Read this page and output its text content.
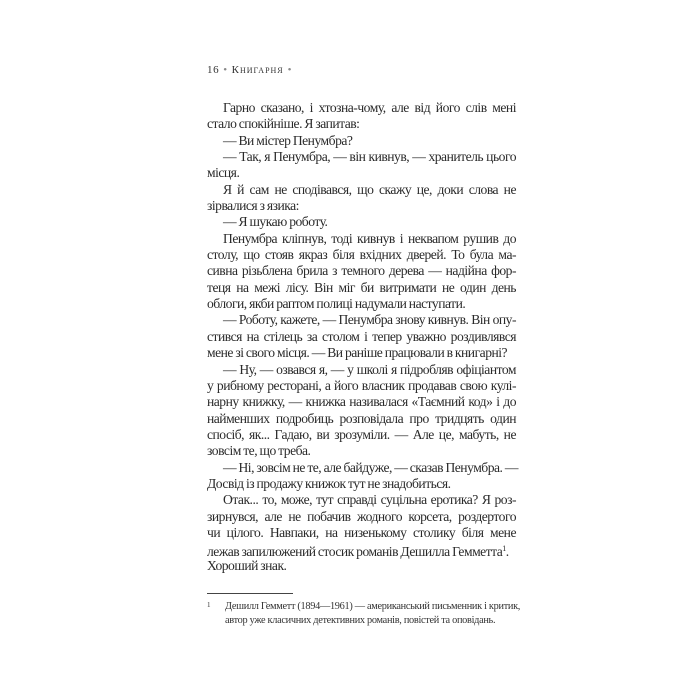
16 • Книгарня •
Гарно сказано, і хтозна-чому, але від його слів мені
стало спокійніше. Я запитав:
— Ви містер Пенумбра?
— Так, я Пенумбра, — він кивнув, — хранитель цього
місця.
Я й сам не сподівався, що скажу це, доки слова не
зірвалися з язика:
— Я шукаю роботу.
Пенумбра кліпнув, тоді кивнув і неквапом рушив до
столу, що стояв якраз біля вхідних дверей. То була ма-
сивна різьблена брила з темного дерева — надійна фор-
теця на межі лісу. Він міг би витримати не один день
облоги, якби раптом полиці надумали наступати.
— Роботу, кажете, — Пенумбра знову кивнув. Він опу-
стився на стілець за столом і тепер уважно роздивлявся
мене зі свого місця. — Ви раніше працювали в книгарні?
— Ну, — озвався я, — у школі я підробляв офіціантом
у рибному ресторані, а його власник продавав свою кулі-
нарну книжку, — книжка називалася «Таємний код» і до
найменших подробиць розповідала про тридцять один
спосіб, як... Гадаю, ви зрозуміли. — Але це, мабуть, не
зовсім те, що треба.
— Ні, зовсім не те, але байдуже, — сказав Пенумбра. —
Досвід із продажу книжок тут не знадобиться.
Отак... то, може, тут справді суцільна еротика? Я роз-
зирнувся, але не побачив жодного корсета, роздертого
чи цілого. Навпаки, на низенькому столику біля мене
лежав запилюжений стосик романів Дешилла Гемметта$^1$.
Хороший знак.
1 Дешилл Гемметт (1894—1961) — американський письменник і критик,
автор уже класичних детективних романів, повістей та оповідань.
